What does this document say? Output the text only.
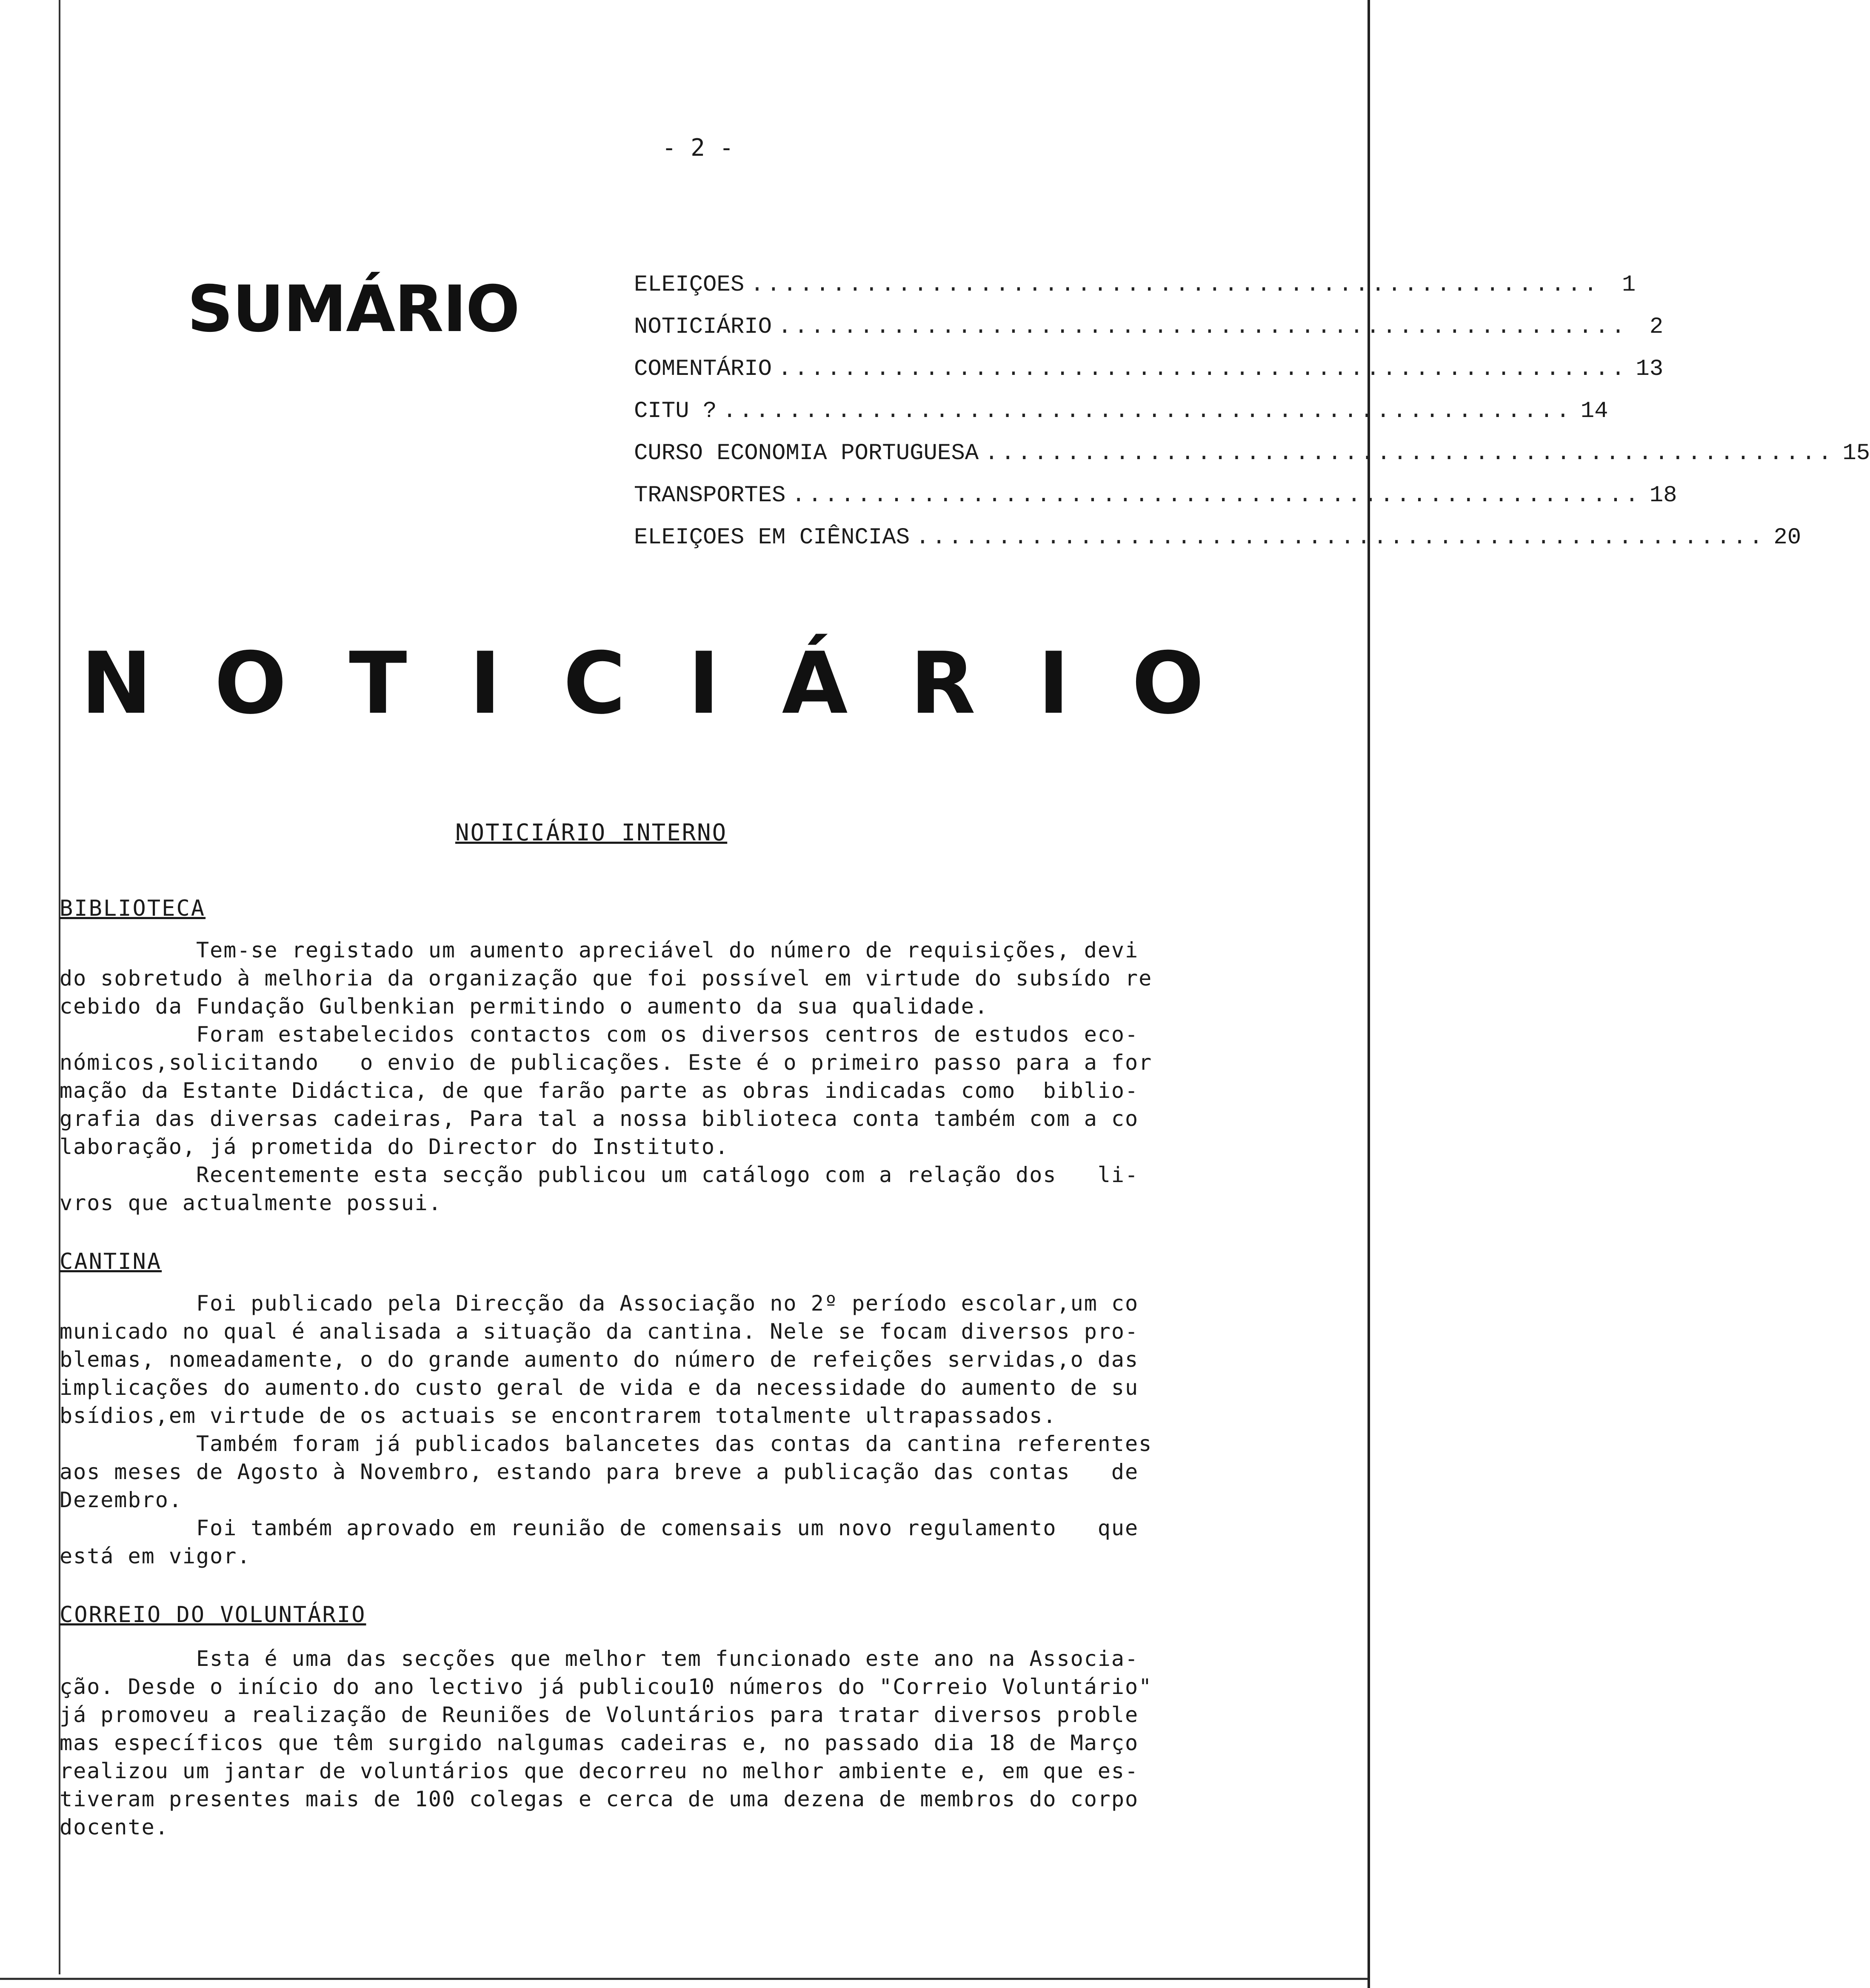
- 2 -
SUMÁRIO	ELEIÇOES .................................................... 1
NOTICIÁRIO .................................................... 2
COMENTÁRIO .................................................... 13
CITU ? .................................................... 14
CURSO ECONOMIA PORTUGUESA .................................................... 15
TRANSPORTES .................................................... 18
ELEIÇOES EM CIÊNCIAS .................................................... 20
N O T I C I Á R I O
NOTICIÁRIO INTERNO
BIBLIOTECA
Tem-se registado um aumento apreciável do número de requisições, devi
do sobretudo à melhoria da organização que foi possível em virtude do subsído re
cebido da Fundação Gulbenkian permitindo o aumento da sua qualidade.
Foram estabelecidos contactos com os diversos centros de estudos eco-
nómicos,solicitando   o envio de publicações. Este é o primeiro passo para a for
mação da Estante Didáctica, de que farão parte as obras indicadas como  biblio-
grafia das diversas cadeiras, Para tal a nossa biblioteca conta também com a co
laboração, já prometida do Director do Instituto.
Recentemente esta secção publicou um catálogo com a relação dos   li-
vros que actualmente possui.
CANTINA
Foi publicado pela Direcção da Associação no 2º período escolar,um co
municado no qual é analisada a situação da cantina. Nele se focam diversos pro-
blemas, nomeadamente, o do grande aumento do número de refeições servidas,o das
implicações do aumento.do custo geral de vida e da necessidade do aumento de su
bsídios,em virtude de os actuais se encontrarem totalmente ultrapassados.
Também foram já publicados balancetes das contas da cantina referentes
aos meses de Agosto à Novembro, estando para breve a publicação das contas   de
Dezembro.
Foi também aprovado em reunião de comensais um novo regulamento   que
está em vigor.
CORREIO DO VOLUNTÁRIO
Esta é uma das secções que melhor tem funcionado este ano na Associa-
ção. Desde o início do ano lectivo já publicou10 números do "Correio Voluntário"
já promoveu a realização de Reuniões de Voluntários para tratar diversos proble
mas específicos que têm surgido nalgumas cadeiras e, no passado dia 18 de Março
realizou um jantar de voluntários que decorreu no melhor ambiente e, em que es-
tiveram presentes mais de 100 colegas e cerca de uma dezena de membros do corpo
docente.
